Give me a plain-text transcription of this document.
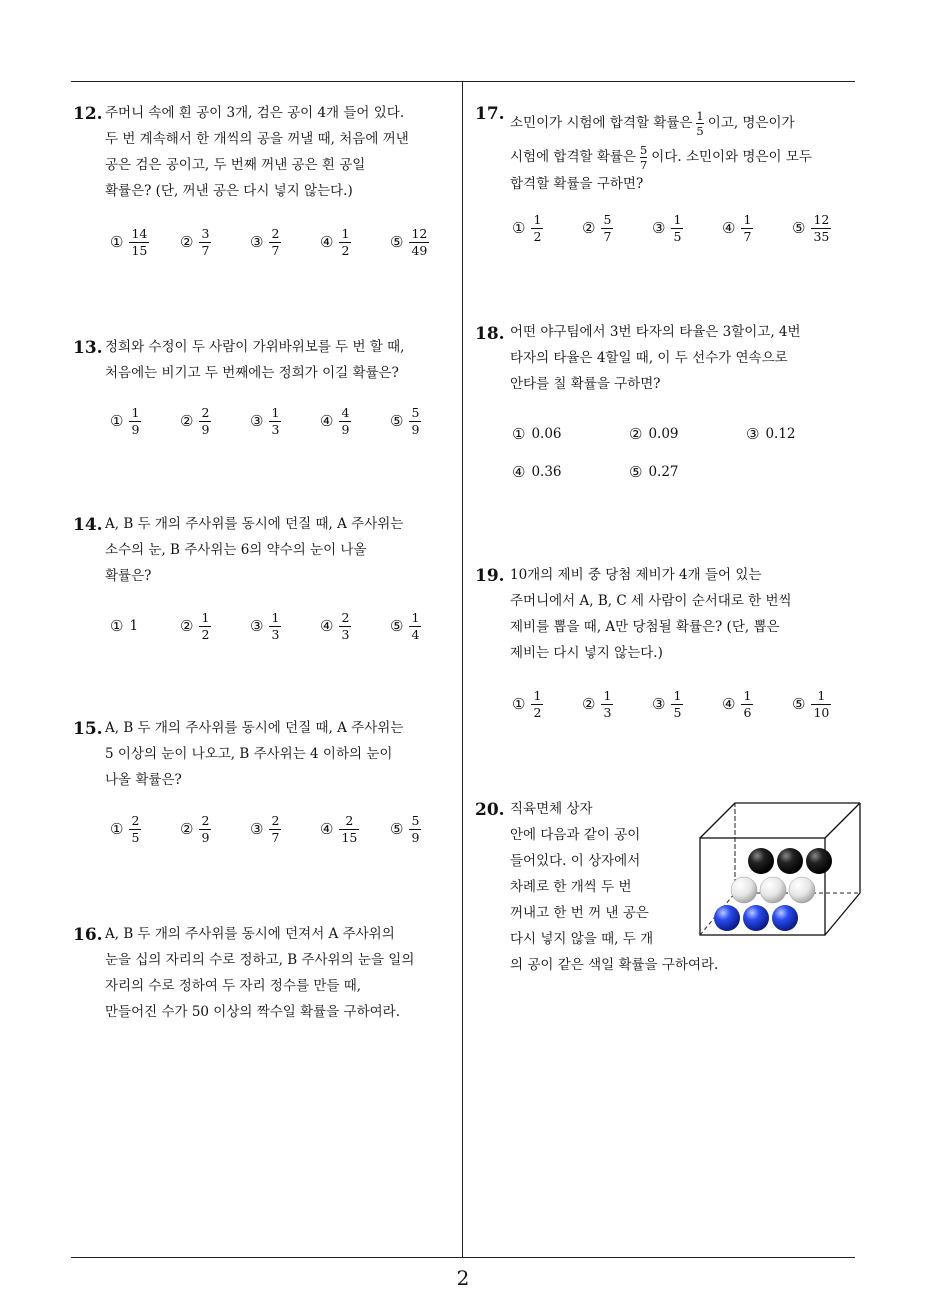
2
12. 주머니 속에 흰 공이 3개, 검은 공이 4개 들어 있다.
두 번 계속해서 한 개씩의 공을 꺼낼 때, 처음에 꺼낸
공은 검은 공이고, 두 번째 꺼낸 공은 흰 공일
확률은? (단, 꺼낸 공은 다시 넣지 않는다.)
① $\frac{14}{15}$ ② $\frac{3}{7}$	③ $\frac{2}{7}$	④ $\frac{1}{2}$	⑤ $\frac{12}{49}$
13. 정희와 수정이 두 사람이 가위바위보를 두 번 할 때,
처음에는 비기고 두 번째에는 정희가 이길 확률은?
① $\frac{1}{9}$	② $\frac{2}{9}$	③ $\frac{1}{3}$	④ $\frac{4}{9}$	⑤ $\frac{5}{9}$
14. A, B 두 개의 주사위를 동시에 던질 때, A 주사위는
소수의 눈, B 주사위는 6의 약수의 눈이 나올
확률은?
① 1	② $\frac{1}{2}$	③ $\frac{1}{3}$	④ $\frac{2}{3}$	⑤ $\frac{1}{4}$
15. A, B 두 개의 주사위를 동시에 던질 때, A 주사위는
5 이상의 눈이 나오고, B 주사위는 4 이하의 눈이
나올 확률은?
① $\frac{2}{5}$	② $\frac{2}{9}$	③ $\frac{2}{7}$	④ $\frac{2}{15}$ ⑤ $\frac{5}{9}$
16. A, B 두 개의 주사위를 동시에 던져서 A 주사위의
눈을 십의 자리의 수로 정하고, B 주사위의 눈을 일의
자리의 수로 정하여 두 자리 정수를 만들 때,
만들어진 수가 50 이상의 짝수일 확률을 구하여라.
17. 소민이가 시험에 합격할 확률은 $\frac{1}{5}$ 이고, 명은이가
시험에 합격할 확률은 $\frac{5}{7}$ 이다. 소민이와 명은이 모두
합격할 확률을 구하면?
① $\frac{1}{2}$	② $\frac{5}{7}$	③ $\frac{1}{5}$	④ $\frac{1}{7}$	⑤ $\frac{12}{35}$
18. 어떤 야구팀에서 3번 타자의 타율은 3할이고, 4번
타자의 타율은 4할일 때, 이 두 선수가 연속으로
안타를 칠 확률을 구하면?
① 0.06	② 0.09	③ 0.12
④ 0.36	⑤ 0.27
19. 10개의 제비 중 당첨 제비가 4개 들어 있는
주머니에서 A, B, C 세 사람이 순서대로 한 번씩
제비를 뽑을 때, A만 당첨될 확률은? (단, 뽑은
제비는 다시 넣지 않는다.)
① $\frac{1}{2}$	② $\frac{1}{3}$	③ $\frac{1}{5}$	④ $\frac{1}{6}$	⑤ $\frac{1}{10}$
20. 직육면체 상자
안에 다음과 같이 공이
들어있다. 이 상자에서
차례로 한 개씩 두 번
꺼내고 한 번 꺼 낸 공은
다시 넣지 않을 때, 두 개
의 공이 같은 색일 확률을 구하여라.
